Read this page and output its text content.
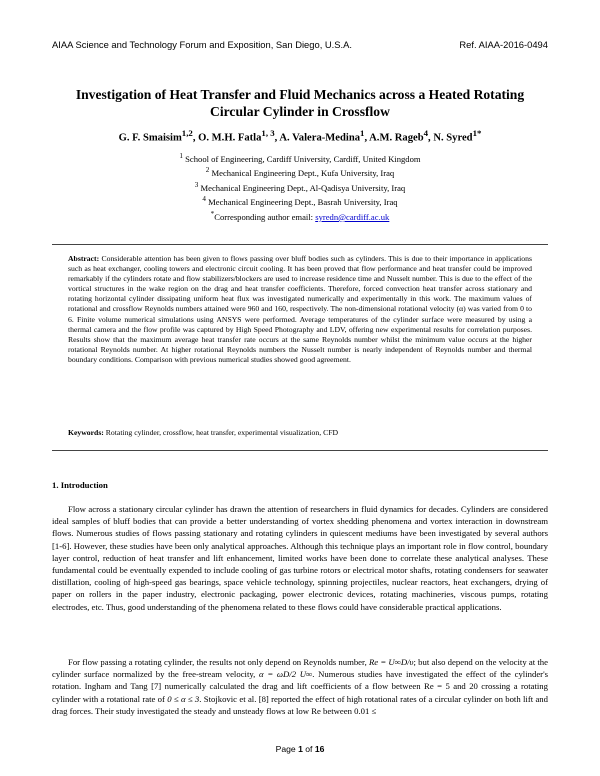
AIAA Science and Technology Forum and Exposition, San Diego, U.S.A.	Ref. AIAA-2016-0494
Investigation of Heat Transfer and Fluid Mechanics across a Heated Rotating Circular Cylinder in Crossflow
G. F. Smaisim$^{1,2}$, O. M.H. Fatla$^{1, 3}$, A. Valera-Medina$^1$, A.M. Rageb$^4$, N. Syred$^{1*}$
$^1$ School of Engineering, Cardiff University, Cardiff, United Kingdom
$^2$ Mechanical Engineering Dept., Kufa University, Iraq
$^3$ Mechanical Engineering Dept., Al-Qadisya University, Iraq
$^4$ Mechanical Engineering Dept., Basrah University, Iraq
*Corresponding author email: syredn@cardiff.ac.uk
Abstract: Considerable attention has been given to flows passing over bluff bodies such as cylinders. This is due to their importance in applications such as heat exchanger, cooling towers and electronic circuit cooling. It has been proved that flow performance and heat transfer could be improved remarkably if the cylinders rotate and flow stabilizers/blockers are used to increase residence time and Nusselt number. This is due to the effect of the vortical structures in the wake region on the drag and heat transfer coefficients. Therefore, forced convection heat transfer across stationary and rotating horizontal cylinder dissipating uniform heat flux was investigated numerically and experimentally in this work. The maximum values of rotational and crossflow Reynolds numbers attained were 960 and 160, respectively. The non-dimensional rotational velocity (α) was varied from 0 to 6. Finite volume numerical simulations using ANSYS were performed. Average temperatures of the cylinder surface were measured by using a thermal camera and the flow profile was captured by High Speed Photography and LDV, offering new experimental results for correlation purposes. Results show that the maximum average heat transfer rate occurs at the same Reynolds number whilst the minimum value occurs at the higher rotational Reynolds number. At higher rotational Reynolds numbers the Nusselt number is nearly independent of Reynolds number and thermal boundary conditions. Comparison with previous numerical studies showed good agreement.
Keywords: Rotating cylinder, crossflow, heat transfer, experimental visualization, CFD
1. Introduction
Flow across a stationary circular cylinder has drawn the attention of researchers in fluid dynamics for decades. Cylinders are considered ideal samples of bluff bodies that can provide a better understanding of vortex shedding phenomena and vortex interaction in downstream flows. Numerous studies of flows passing stationary and rotating cylinders in quiescent mediums have been investigated by several authors [1-6]. However, these studies have been only analytical approaches. Although this technique plays an important role in flow control, boundary layer control, reduction of heat transfer and lift enhancement, limited works have been done to correlate these analytical analyses. These fundamental could be eventually expended to include cooling of gas turbine rotors or electrical motor shafts, rotating condensers for seawater distillation, cooling of high-speed gas bearings, space vehicle technology, spinning projectiles, nuclear reactors, heat exchangers, drying of paper on rollers in the paper industry, electronic packaging, power electronic devices, rotating machineries, viscous pumps, rotating electrodes, etc. Thus, good understanding of the phenomena related to these flows could have considerable practical applications.
For flow passing a rotating cylinder, the results not only depend on Reynolds number, Re = U∞D/υ; but also depend on the velocity at the cylinder surface normalized by the free-stream velocity, α = ωD/2 U∞. Numerous studies have investigated the effect of the cylinder's rotation. Ingham and Tang [7] numerically calculated the drag and lift coefficients of a flow between Re = 5 and 20 crossing a rotating cylinder with a rotational rate of 0 ≤ α ≤ 3. Stojkovic et al. [8] reported the effect of high rotational rates of a circular cylinder on both lift and drag forces. Their study investigated the steady and unsteady flows at low Re between 0.01 ≤
Page 1 of 16
